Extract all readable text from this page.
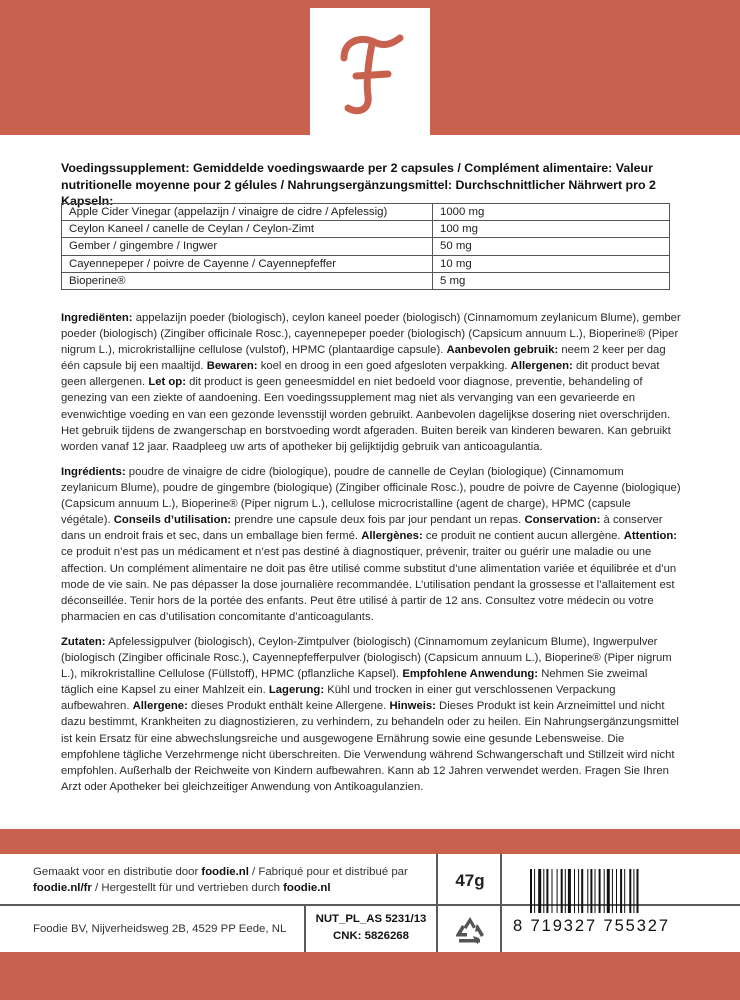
Voedingssupplement: Gemiddelde voedingswaarde per 2 capsules / Complément alimentaire: Valeur nutritionelle moyenne pour 2 gélules / Nahrungsergänzungsmittel: Durchschnittlicher Nährwert pro 2 Kapseln:
Apple Cider Vinegar (appelazijn / vinaigre de cidre / Apfelessig)	1000 mg
Ceylon Kaneel / canelle de Ceylan / Ceylon-Zimt	100 mg
Gember / gingembre / Ingwer	50 mg
Cayennepeper / poivre de Cayenne / Cayennepfeffer	10 mg
Bioperine®	5 mg
Ingrediënten: appelazijn poeder (biologisch), ceylon kaneel poeder (biologisch) (Cinnamomum zeylanicum Blume), gember poeder (biologisch) (Zingiber officinale Rosc.), cayennepeper poeder (biologisch) (Capsicum annuum L.), Bioperine® (Piper nigrum L.), microkristallijne cellulose (vulstof), HPMC (plantaardige capsule). Aanbevolen gebruik: neem 2 keer per dag één capsule bij een maaltijd. Bewaren: koel en droog in een goed afgesloten verpakking. Allergenen: dit product bevat geen allergenen. Let op: dit product is geen geneesmiddel en niet bedoeld voor diagnose, preventie, behandeling of genezing van een ziekte of aandoening. Een voedingssupplement mag niet als vervanging van een gevarieerde en evenwichtige voeding en van een gezonde levensstijl worden gebruikt. Aanbevolen dagelijkse dosering niet overschrijden. Het gebruik tijdens de zwangerschap en borstvoeding wordt afgeraden. Buiten bereik van kinderen bewaren. Kan gebruikt worden vanaf 12 jaar. Raadpleeg uw arts of apotheker bij gelijktijdig gebruik van anticoagulantia.
Ingrédients: poudre de vinaigre de cidre (biologique), poudre de cannelle de Ceylan (biologique) (Cinnamomum zeylanicum Blume), poudre de gingembre (biologique) (Zingiber officinale Rosc.), poudre de poivre de Cayenne (biologique) (Capsicum annuum L.), Bioperine® (Piper nigrum L.), cellulose microcristalline (agent de charge), HPMC (capsule végétale). Conseils d’utilisation: prendre une capsule deux fois par jour pendant un repas. Conservation: à conserver dans un endroit frais et sec, dans un emballage bien fermé. Allergènes: ce produit ne contient aucun allergène. Attention: ce produit n’est pas un médicament et n’est pas destiné à diagnostiquer, prévenir, traiter ou guérir une maladie ou une affection. Un complément alimentaire ne doit pas être utilisé comme substitut d’une alimentation variée et équilibrée et d’un mode de vie sain. Ne pas dépasser la dose journalière recommandée. L’utilisation pendant la grossesse et l’allaitement est déconseillée. Tenir hors de la portée des enfants. Peut être utilisé à partir de 12 ans. Consultez votre médecin ou votre pharmacien en cas d’utilisation concomitante d’anticoagulants.
Zutaten: Apfelessigpulver (biologisch), Ceylon-Zimtpulver (biologisch) (Cinnamomum zeylanicum Blume), Ingwerpulver (biologisch (Zingiber officinale Rosc.), Cayennepfefferpulver (biologisch) (Capsicum annuum L.), Bioperine® (Piper nigrum L.), mikrokristalline Cellulose (Füllstoff), HPMC (pflanzliche Kapsel). Empfohlene Anwendung: Nehmen Sie zweimal täglich eine Kapsel zu einer Mahlzeit ein. Lagerung: Kühl und trocken in einer gut verschlossenen Verpackung aufbewahren. Allergene: dieses Produkt enthält keine Allergene. Hinweis: Dieses Produkt ist kein Arzneimittel und nicht dazu bestimmt, Krankheiten zu diagnostizieren, zu verhindern, zu behandeln oder zu heilen. Ein Nahrungsergänzungsmittel ist kein Ersatz für eine abwechslungsreiche und ausgewogene Ernährung sowie eine gesunde Lebensweise. Die empfohlene tägliche Verzehrmenge nicht überschreiten. Die Verwendung während Schwangerschaft und Stillzeit wird nicht empfohlen. Außerhalb der Reichweite von Kindern aufbewahren. Kann ab 12 Jahren verwendet werden. Fragen Sie Ihren Arzt oder Apotheker bei gleichzeitiger Anwendung von Antikoagulanzien.
Gemaakt voor en distributie door foodie.nl / Fabriqué pour et distribué par foodie.nl/fr / Hergestellt für und vertrieben durch foodie.nl
Foodie BV, Nijverheidsweg 2B, 4529 PP Eede, NL
47g
NUT_PL_AS 5231/13
CNK: 5826268
8 719327 755327
